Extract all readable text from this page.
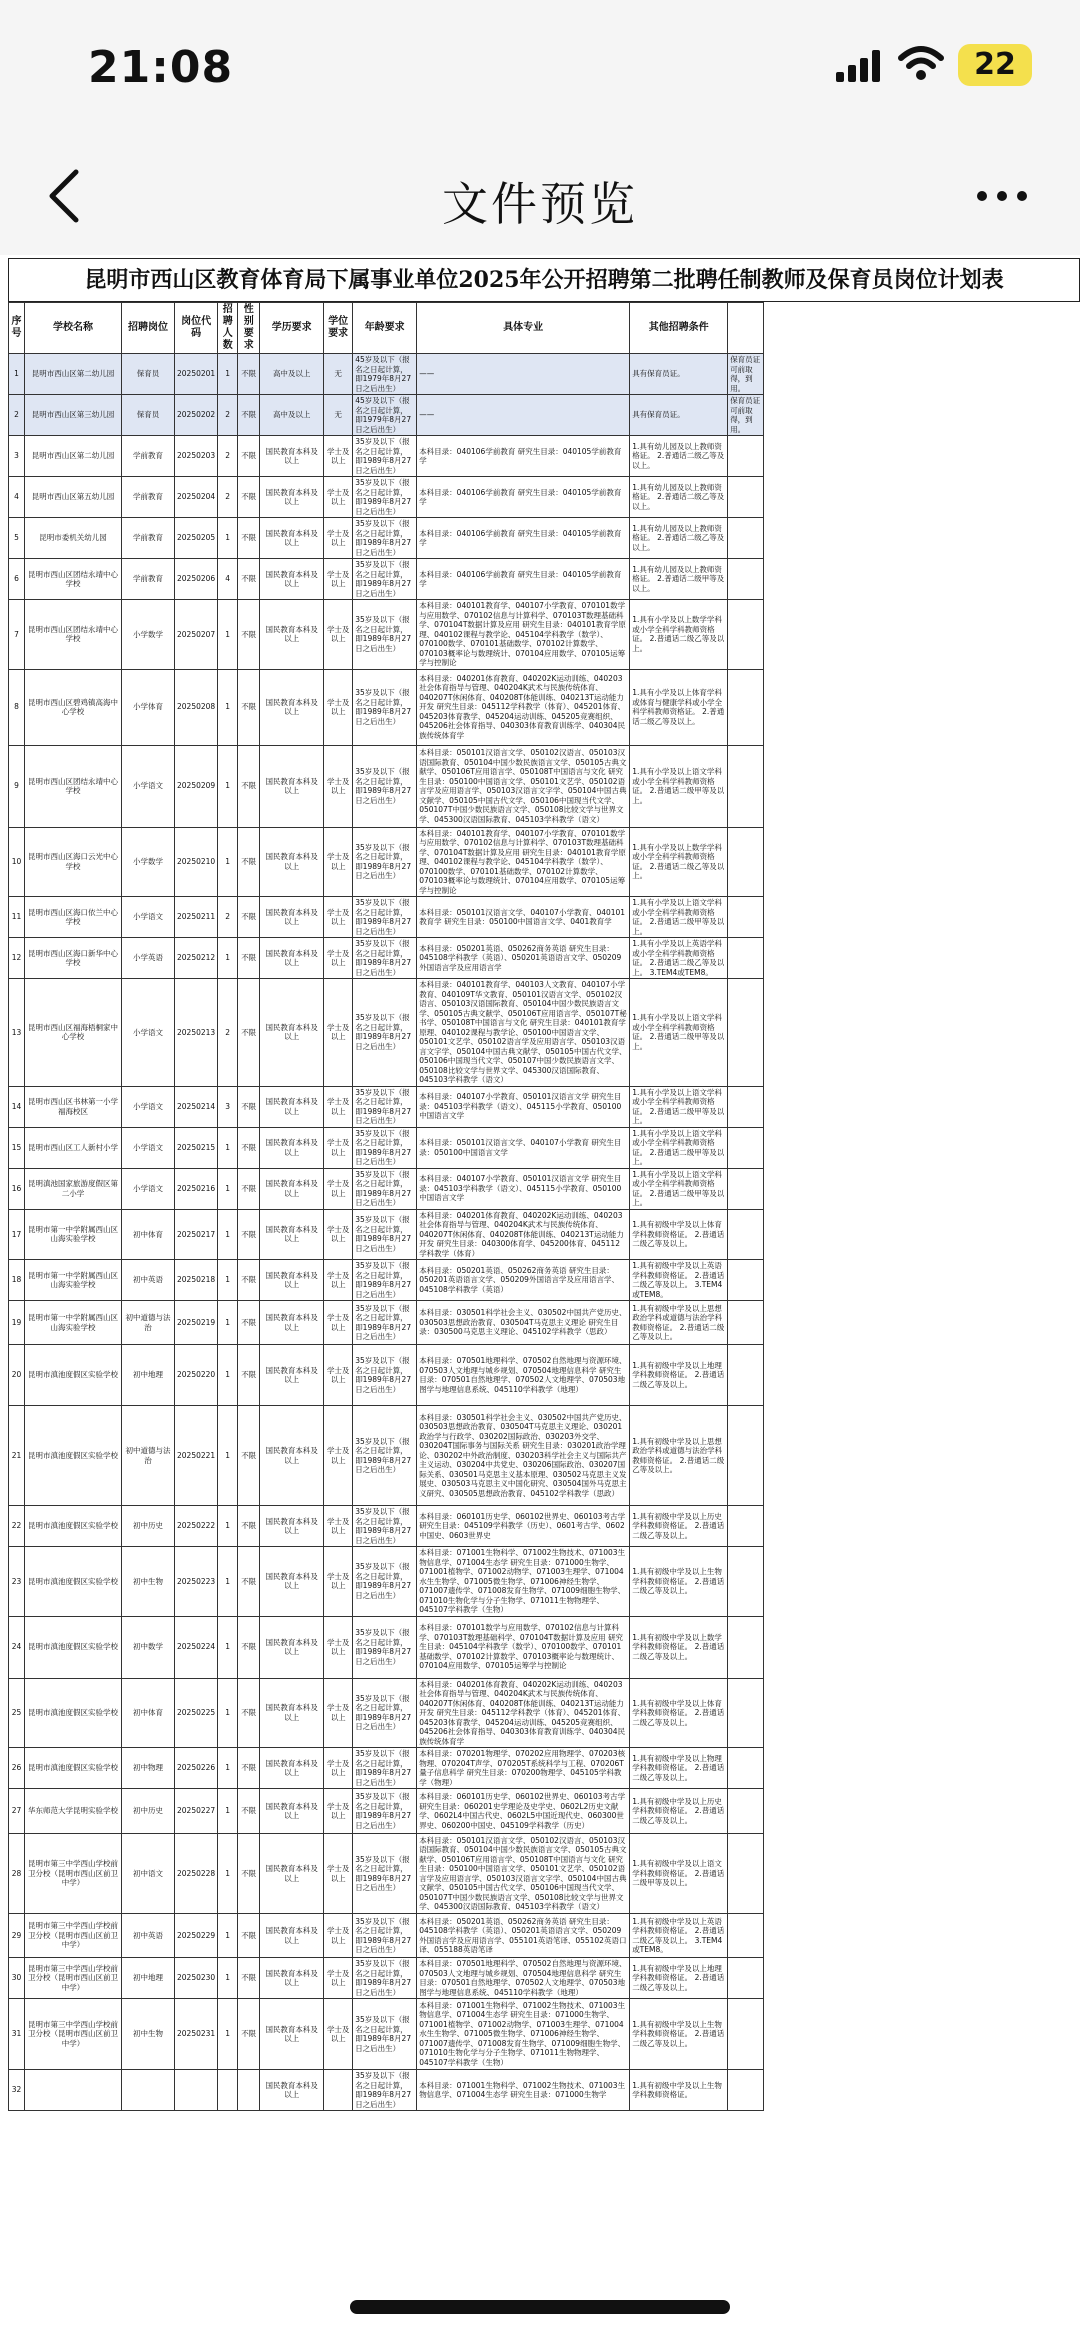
21:08	22
文件预览
昆明市西山区教育体育局下属事业单位2025年公开招聘第二批聘任制教师及保育员岗位计划表
序号	学校名称	招聘岗位	岗位代码	招聘人数	性别要求	学历要求	学位要求	年龄要求	具体专业	其他招聘条件	
1	昆明市西山区第二幼儿园	保育员	20250201	1	不限	高中及以上	无	45岁及以下（报名之日起计算，即1979年8月27日之后出生）	——	具有保育员证。	保育员证可前取得，到用。
2	昆明市西山区第三幼儿园	保育员	20250202	2	不限	高中及以上	无	45岁及以下（报名之日起计算，即1979年8月27日之后出生）	——	具有保育员证。	保育员证可前取得，到用。
3	昆明市西山区第二幼儿园	学前教育	20250203	2	不限	国民教育本科及以上	学士及以上	35岁及以下（报名之日起计算，即1989年8月27日之后出生）	本科目录：040106学前教育 研究生目录：040105学前教育学	1.具有幼儿园及以上教师资格证。 2.普通话二级乙等及以上。	
4	昆明市西山区第五幼儿园	学前教育	20250204	2	不限	国民教育本科及以上	学士及以上	35岁及以下（报名之日起计算，即1989年8月27日之后出生）	本科目录：040106学前教育 研究生目录：040105学前教育学	1.具有幼儿园及以上教师资格证。 2.普通话二级乙等及以上。	
5	昆明市委机关幼儿园	学前教育	20250205	1	不限	国民教育本科及以上	学士及以上	35岁及以下（报名之日起计算，即1989年8月27日之后出生）	本科目录：040106学前教育 研究生目录：040105学前教育学	1.具有幼儿园及以上教师资格证。 2.普通话二级乙等及以上。	
6	昆明市西山区团结永靖中心学校	学前教育	20250206	4	不限	国民教育本科及以上	学士及以上	35岁及以下（报名之日起计算，即1989年8月27日之后出生）	本科目录：040106学前教育 研究生目录：040105学前教育学	1.具有幼儿园及以上教师资格证。 2.普通话二级甲等及以上。	
7	昆明市西山区团结永靖中心学校	小学数学	20250207	1	不限	国民教育本科及以上	学士及以上	35岁及以下（报名之日起计算，即1989年8月27日之后出生）	本科目录：040101教育学、040107小学教育、070101数学与应用数学、070102信息与计算科学、070103T数理基础科学、070104T数据计算及应用 研究生目录：040101教育学原理、040102课程与教学论、045104学科教学（数学）、070100数学、070101基础数学、070102计算数学、070103概率论与数理统计、070104应用数学、070105运筹学与控制论	1.具有小学及以上数学学科或小学全科学科教师资格证。 2.普通话二级乙等及以上。	
8	昆明市西山区碧鸡镇高海中心学校	小学体育	20250208	1	不限	国民教育本科及以上	学士及以上	35岁及以下（报名之日起计算，即1989年8月27日之后出生）	本科目录：040201体育教育、040202K运动训练、040203社会体育指导与管理、040204K武术与民族传统体育、040207T休闲体育、040208T体能训练、040213T运动能力开发 研究生目录：045112学科教学（体育）、045201体育、045203体育教学、045204运动训练、045205竞赛组织、045206社会体育指导、040303体育教育训练学、040304民族传统体育学	1.具有小学及以上体育学科或体育与健康学科或小学全科学科教师资格证。 2.普通话二级乙等及以上。	
9	昆明市西山区团结永靖中心学校	小学语文	20250209	1	不限	国民教育本科及以上	学士及以上	35岁及以下（报名之日起计算，即1989年8月27日之后出生）	本科目录：050101汉语言文学、050102汉语言、050103汉语国际教育、050104中国少数民族语言文学、050105古典文献学、050106T应用语言学、050108T中国语言与文化 研究生目录：050100中国语言文学、050101文艺学、050102语言学及应用语言学、050103汉语言文字学、050104中国古典文献学、050105中国古代文学、050106中国现当代文学、050107T中国少数民族语言文学、050108比较文学与世界文学、045300汉语国际教育、045103学科教学（语文）	1.具有小学及以上语文学科或小学全科学科教师资格证。 2.普通话二级甲等及以上。	
10	昆明市西山区海口云光中心学校	小学数学	20250210	1	不限	国民教育本科及以上	学士及以上	35岁及以下（报名之日起计算，即1989年8月27日之后出生）	本科目录：040101教育学、040107小学教育、070101数学与应用数学、070102信息与计算科学、070103T数理基础科学、070104T数据计算及应用 研究生目录：040101教育学原理、040102课程与教学论、045104学科教学（数学）、070100数学、070101基础数学、070102计算数学、070103概率论与数理统计、070104应用数学、070105运筹学与控制论	1.具有小学及以上数学学科或小学全科学科教师资格证。 2.普通话二级乙等及以上。	
11	昆明市西山区海口依兰中心学校	小学语文	20250211	2	不限	国民教育本科及以上	学士及以上	35岁及以下（报名之日起计算，即1989年8月27日之后出生）	本科目录：050101汉语言文学、040107小学教育、040101教育学 研究生目录：050100中国语言文学、0401教育学	1.具有小学及以上语文学科或小学全科学科教师资格证。 2.普通话二级甲等及以上。	
12	昆明市西山区海口新华中心学校	小学英语	20250212	1	不限	国民教育本科及以上	学士及以上	35岁及以下（报名之日起计算，即1989年8月27日之后出生）	本科目录：050201英语、050262商务英语 研究生目录：045108学科教学（英语）、050201英语语言文学、050209外国语言学及应用语言学	1.具有小学及以上英语学科或小学全科学科教师资格证。 2.普通话二级乙等及以上。 3.TEM4或TEM8。	
13	昆明市西山区福海梧桐家中心学校	小学语文	20250213	2	不限	国民教育本科及以上	学士及以上	35岁及以下（报名之日起计算，即1989年8月27日之后出生）	本科目录：040101教育学、040103人文教育、040107小学教育、040109T华文教育、050101汉语言文学、050102汉语言、050103汉语国际教育、050104中国少数民族语言文学、050105古典文献学、050106T应用语言学、050107T秘书学、050108T中国语言与文化 研究生目录：040101教育学原理、040102课程与教学论、050100中国语言文学、050101文艺学、050102语言学及应用语言学、050103汉语言文字学、050104中国古典文献学、050105中国古代文学、050106中国现当代文学、050107中国少数民族语言文学、050108比较文学与世界文学、045300汉语国际教育、045103学科教学（语文）	1.具有小学及以上语文学科或小学全科学科教师资格证。 2.普通话二级甲等及以上。	
14	昆明市西山区书林第一小学福海校区	小学语文	20250214	3	不限	国民教育本科及以上	学士及以上	35岁及以下（报名之日起计算，即1989年8月27日之后出生）	本科目录：040107小学教育、050101汉语言文学 研究生目录：045103学科教学（语文）、045115小学教育、050100中国语言文学	1.具有小学及以上语文学科或小学全科学科教师资格证。 2.普通话二级甲等及以上。	
15	昆明市西山区工人新村小学	小学语文	20250215	1	不限	国民教育本科及以上	学士及以上	35岁及以下（报名之日起计算，即1989年8月27日之后出生）	本科目录：050101汉语言文学、040107小学教育 研究生目录：050100中国语言文学	1.具有小学及以上语文学科或小学全科学科教师资格证。 2.普通话二级甲等及以上。	
16	昆明滇池国家旅游度假区第二小学	小学语文	20250216	1	不限	国民教育本科及以上	学士及以上	35岁及以下（报名之日起计算，即1989年8月27日之后出生）	本科目录：040107小学教育、050101汉语言文学 研究生目录：045103学科教学（语文）、045115小学教育、050100中国语言文学	1.具有小学及以上语文学科或小学全科学科教师资格证。 2.普通话二级甲等及以上。	
17	昆明市第一中学附属西山区山海实验学校	初中体育	20250217	1	不限	国民教育本科及以上	学士及以上	35岁及以下（报名之日起计算，即1989年8月27日之后出生）	本科目录：040201体育教育、040202K运动训练、040203社会体育指导与管理、040204K武术与民族传统体育、040207T休闲体育、040208T体能训练、040213T运动能力开发 研究生目录：040300体育学、045200体育、045112学科教学（体育）	1.具有初级中学及以上体育学科教师资格证。 2.普通话二级乙等及以上。	
18	昆明市第一中学附属西山区山海实验学校	初中英语	20250218	1	不限	国民教育本科及以上	学士及以上	35岁及以下（报名之日起计算，即1989年8月27日之后出生）	本科目录：050201英语、050262商务英语 研究生目录：050201英语语言文学、050209外国语言学及应用语言学、045108学科教学（英语）	1.具有初级中学及以上英语学科教师资格证。 2.普通话二级乙等及以上。 3.TEM4或TEM8。	
19	昆明市第一中学附属西山区山海实验学校	初中道德与法治	20250219	1	不限	国民教育本科及以上	学士及以上	35岁及以下（报名之日起计算，即1989年8月27日之后出生）	本科目录：030501科学社会主义、030502中国共产党历史、030503思想政治教育、030504T马克思主义理论 研究生目录：030500马克思主义理论、045102学科教学（思政）	1.具有初级中学及以上思想政治学科或道德与法治学科教师资格证。 2.普通话二级乙等及以上。	
20	昆明市滇池度假区实验学校	初中地理	20250220	1	不限	国民教育本科及以上	学士及以上	35岁及以下（报名之日起计算，即1989年8月27日之后出生）	本科目录：070501地理科学、070502自然地理与资源环境、070503人文地理与城乡规划、070504地理信息科学 研究生目录：070501自然地理学、070502人文地理学、070503地图学与地理信息系统、045110学科教学（地理）	1.具有初级中学及以上地理学科教师资格证。 2.普通话二级乙等及以上。	
21	昆明市滇池度假区实验学校	初中道德与法治	20250221	1	不限	国民教育本科及以上	学士及以上	35岁及以下（报名之日起计算，即1989年8月27日之后出生）	本科目录：030501科学社会主义、030502中国共产党历史、030503思想政治教育、030504T马克思主义理论、030201政治学与行政学、030202国际政治、030203外交学、030204T国际事务与国际关系 研究生目录：030201政治学理论、030202中外政治制度、030203科学社会主义与国际共产主义运动、030204中共党史、030206国际政治、030207国际关系、030501马克思主义基本原理、030502马克思主义发展史、030503马克思主义中国化研究、030504国外马克思主义研究、030505思想政治教育、045102学科教学（思政）	1.具有初级中学及以上思想政治学科或道德与法治学科教师资格证。 2.普通话二级乙等及以上。	
22	昆明市滇池度假区实验学校	初中历史	20250222	1	不限	国民教育本科及以上	学士及以上	35岁及以下（报名之日起计算，即1989年8月27日之后出生）	本科目录：060101历史学、060102世界史、060103考古学 研究生目录：045109学科教学（历史）、0601考古学、0602中国史、0603世界史	1.具有初级中学及以上历史学科教师资格证。 2.普通话二级乙等及以上。	
23	昆明市滇池度假区实验学校	初中生物	20250223	1	不限	国民教育本科及以上	学士及以上	35岁及以下（报名之日起计算，即1989年8月27日之后出生）	本科目录：071001生物科学、071002生物技术、071003生物信息学、071004生态学 研究生目录：071000生物学、071001植物学、071002动物学、071003生理学、071004水生生物学、071005微生物学、071006神经生物学、071007遗传学、071008发育生物学、071009细胞生物学、071010生物化学与分子生物学、071011生物物理学、045107学科教学（生物）	1.具有初级中学及以上生物学科教师资格证。 2.普通话二级乙等及以上。	
24	昆明市滇池度假区实验学校	初中数学	20250224	1	不限	国民教育本科及以上	学士及以上	35岁及以下（报名之日起计算，即1989年8月27日之后出生）	本科目录：070101数学与应用数学、070102信息与计算科学、070103T数理基础科学、070104T数据计算及应用 研究生目录：045104学科教学（数学）、070100数学、070101基础数学、070102计算数学、070103概率论与数理统计、070104应用数学、070105运筹学与控制论	1.具有初级中学及以上数学学科教师资格证。 2.普通话二级乙等及以上。	
25	昆明市滇池度假区实验学校	初中体育	20250225	1	不限	国民教育本科及以上	学士及以上	35岁及以下（报名之日起计算，即1989年8月27日之后出生）	本科目录：040201体育教育、040202K运动训练、040203社会体育指导与管理、040204K武术与民族传统体育、040207T休闲体育、040208T体能训练、040213T运动能力开发 研究生目录：045112学科教学（体育）、045201体育、045203体育教学、045204运动训练、045205竞赛组织、045206社会体育指导、040303体育教育训练学、040304民族传统体育学	1.具有初级中学及以上体育学科教师资格证。 2.普通话二级乙等及以上。	
26	昆明市滇池度假区实验学校	初中物理	20250226	1	不限	国民教育本科及以上	学士及以上	35岁及以下（报名之日起计算，即1989年8月27日之后出生）	本科目录：070201物理学、070202应用物理学、070203核物理、070204T声学、070205T系统科学与工程、070206T量子信息科学 研究生目录：070200物理学、045105学科教学（物理）	1.具有初级中学及以上物理学科教师资格证。 2.普通话二级乙等及以上。	
27	华东师范大学昆明实验学校	初中历史	20250227	1	不限	国民教育本科及以上	学士及以上	35岁及以下（报名之日起计算，即1989年8月27日之后出生）	本科目录：060101历史学、060102世界史、060103考古学 研究生目录：060201史学理论及史学史、0602L2历史文献学、0602L4中国古代史、0602L5中国近现代史、060300世界史、060200中国史、045109学科教学（历史）	1.具有初级中学及以上历史学科教师资格证。 2.普通话二级乙等及以上。	
28	昆明市第三中学西山学校前卫分校（昆明市西山区前卫中学）	初中语文	20250228	1	不限	国民教育本科及以上	学士及以上	35岁及以下（报名之日起计算，即1989年8月27日之后出生）	本科目录：050101汉语言文学、050102汉语言、050103汉语国际教育、050104中国少数民族语言文学、050105古典文献学、050106T应用语言学、050108T中国语言与文化 研究生目录：050100中国语言文学、050101文艺学、050102语言学及应用语言学、050103汉语言文字学、050104中国古典文献学、050105中国古代文学、050106中国现当代文学、050107T中国少数民族语言文学、050108比较文学与世界文学、045300汉语国际教育、045103学科教学（语文）	1.具有初级中学及以上语文学科教师资格证。 2.普通话二级甲等及以上。	
29	昆明市第三中学西山学校前卫分校（昆明市西山区前卫中学）	初中英语	20250229	1	不限	国民教育本科及以上	学士及以上	35岁及以下（报名之日起计算，即1989年8月27日之后出生）	本科目录：050201英语、050262商务英语 研究生目录：045108学科教学（英语）、050201英语语言文学、050209外国语言学及应用语言学、055101英语笔译、055102英语口译、055188英语笔译	1.具有初级中学及以上英语学科教师资格证。 2.普通话二级乙等及以上。 3.TEM4或TEM8。	
30	昆明市第三中学西山学校前卫分校（昆明市西山区前卫中学）	初中地理	20250230	1	不限	国民教育本科及以上	学士及以上	35岁及以下（报名之日起计算，即1989年8月27日之后出生）	本科目录：070501地理科学、070502自然地理与资源环境、070503人文地理与城乡规划、070504地理信息科学 研究生目录：070501自然地理学、070502人文地理学、070503地图学与地理信息系统、045110学科教学（地理）	1.具有初级中学及以上地理学科教师资格证。 2.普通话二级乙等及以上。	
31	昆明市第三中学西山学校前卫分校（昆明市西山区前卫中学）	初中生物	20250231	1	不限	国民教育本科及以上	学士及以上	35岁及以下（报名之日起计算，即1989年8月27日之后出生）	本科目录：071001生物科学、071002生物技术、071003生物信息学、071004生态学 研究生目录：071000生物学、071001植物学、071002动物学、071003生理学、071004水生生物学、071005微生物学、071006神经生物学、071007遗传学、071008发育生物学、071009细胞生物学、071010生物化学与分子生物学、071011生物物理学、045107学科教学（生物）	1.具有初级中学及以上生物学科教师资格证。 2.普通话二级乙等及以上。	
32						国民教育本科及以上		35岁及以下（报名之日起计算，即1989年8月27日之后出生）	本科目录：071001生物科学、071002生物技术、071003生物信息学、071004生态学 研究生目录：071000生物学	1.具有初级中学及以上生物学科教师资格证。	
